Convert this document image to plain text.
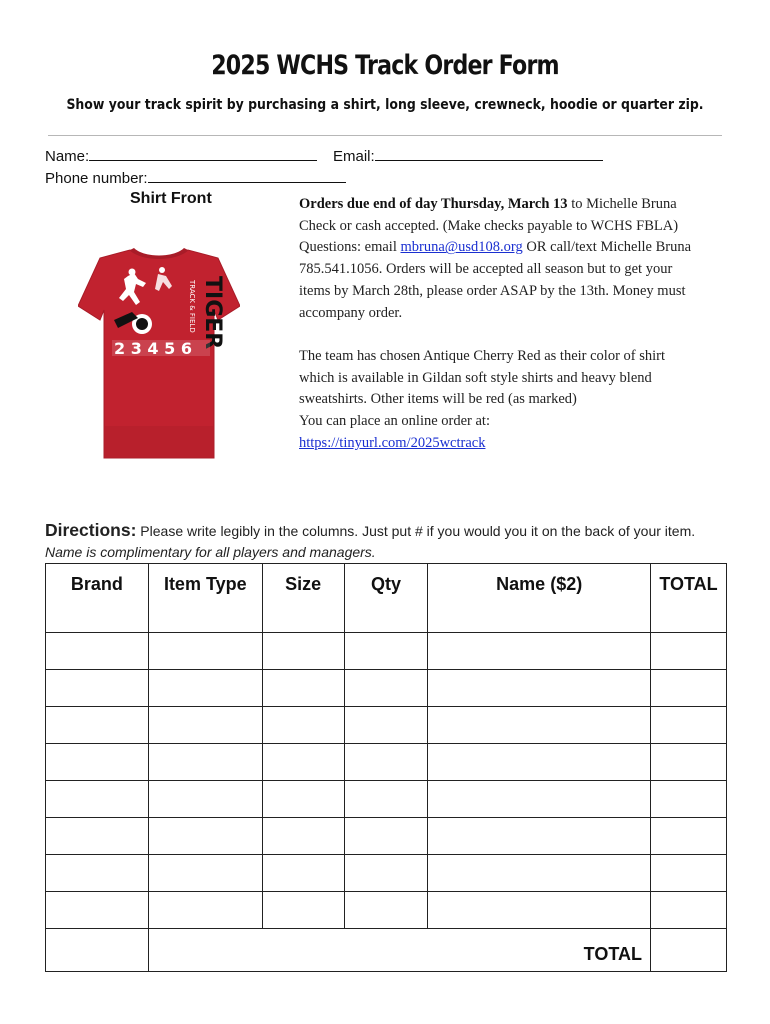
2025 WCHS Track Order Form
Show your track spirit by purchasing a shirt, long sleeve, crewneck, hoodie or quarter zip.
Name:	Email:
Phone number:
Shirt Front
TIGER
TRACK & FIELD
2 3 4 5 6

Orders due end of day Thursday, March 13 to Michelle Bruna

Check or cash accepted. (Make checks payable to WCHS FBLA)

Questions: email mbruna@usd108.org OR call/text Michelle Bruna

785.541.1056. Orders will be accepted all season but to get your

items by March 28th, please order ASAP by the 13th. Money must

accompany order.

The team has chosen Antique Cherry Red as their color of shirt

which is available in Gildan soft style shirts and heavy blend

sweatshirts. Other items will be red (as marked)

You can place an online order at:

https://tinyurl.com/2025wctrack

Directions: Please write legibly in the columns. Just put # if you would you it on the back of your item. Name is complimentary for all players and managers.
Brand	Item Type	Size	Qty	Name ($2)	TOTAL

	TOTAL				
